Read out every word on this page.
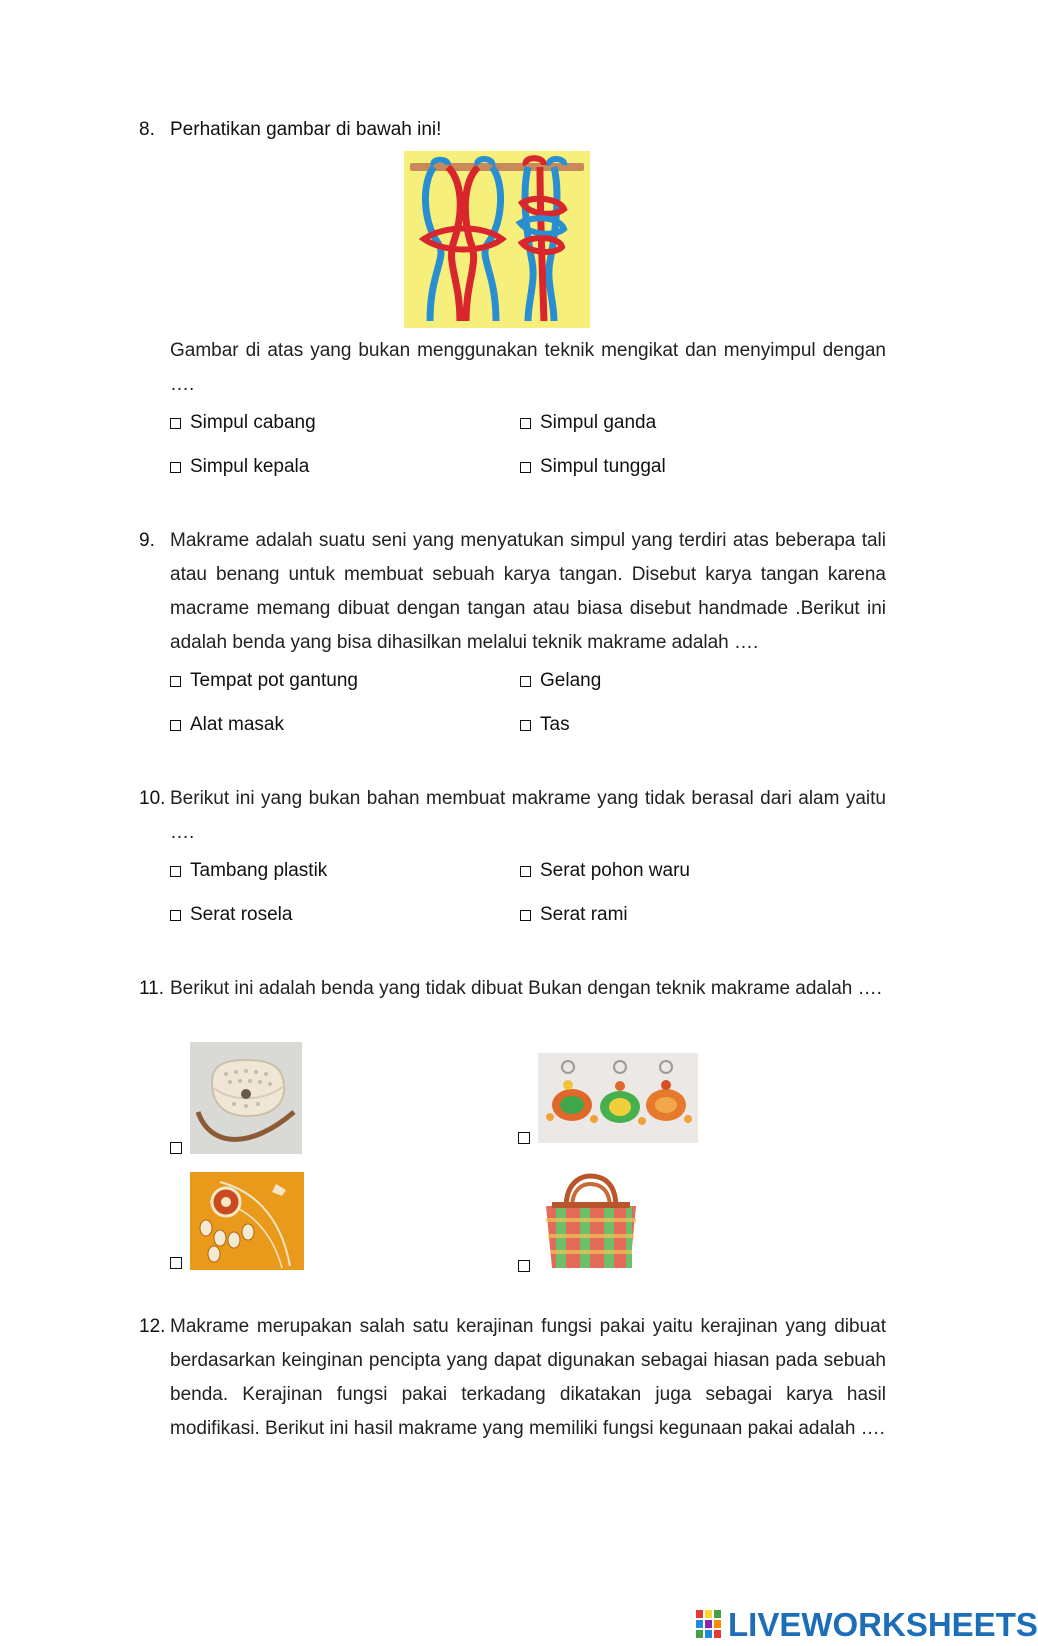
8. Perhatikan gambar di bawah ini!
Gambar di atas yang bukan menggunakan teknik mengikat dan menyimpul dengan ….
Simpul cabang	Simpul ganda
Simpul kepala	Simpul tunggal
9. Makrame adalah suatu seni yang menyatukan simpul yang terdiri atas beberapa tali atau benang untuk membuat sebuah karya tangan. Disebut karya tangan karena macrame memang dibuat dengan tangan atau biasa disebut handmade .Berikut ini adalah benda yang bisa dihasilkan melalui teknik makrame adalah ….
Tempat pot gantung	Gelang
Alat masak	Tas
10. Berikut ini yang bukan bahan membuat makrame yang tidak berasal dari alam yaitu ….
Tambang plastik	Serat pohon waru
Serat rosela	Serat rami
11. Berikut ini adalah benda yang tidak dibuat Bukan dengan teknik makrame adalah ….
12. Makrame merupakan salah satu kerajinan fungsi pakai yaitu kerajinan yang dibuat berdasarkan keinginan pencipta yang dapat digunakan sebagai hiasan pada sebuah benda. Kerajinan fungsi pakai terkadang dikatakan juga sebagai karya hasil modifikasi. Berikut ini hasil makrame yang memiliki fungsi kegunaan pakai adalah ….
LIVEWORKSHEETS
